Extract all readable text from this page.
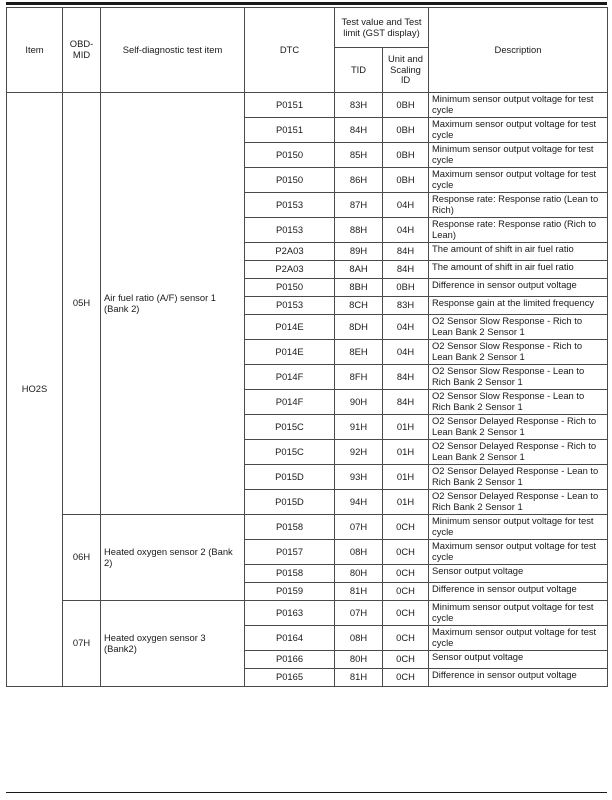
Item	OBD-MID	Self-diagnostic test item	DTC	Test value and Test limit (GST display)		Description
				TID	Unit and Scaling ID	
HO2S	05H	Air fuel ratio (A/F) sensor 1 (Bank 2)	P0151	83H	0BH	Minimum sensor output voltage for test cycle
			P0151	84H	0BH	Maximum sensor output voltage for test cycle
			P0150	85H	0BH	Minimum sensor output voltage for test cycle
			P0150	86H	0BH	Maximum sensor output voltage for test cycle
			P0153	87H	04H	Response rate: Response ratio (Lean to Rich)
			P0153	88H	04H	Response rate: Response ratio (Rich to Lean)
			P2A03	89H	84H	The amount of shift in air fuel ratio
			P2A03	8AH	84H	The amount of shift in air fuel ratio
			P0150	8BH	0BH	Difference in sensor output voltage
			P0153	8CH	83H	Response gain at the limited frequency
			P014E	8DH	04H	O2 Sensor Slow Response - Rich to Lean Bank 2 Sensor 1
			P014E	8EH	04H	O2 Sensor Slow Response - Rich to Lean Bank 2 Sensor 1
			P014F	8FH	84H	O2 Sensor Slow Response - Lean to Rich Bank 2 Sensor 1
			P014F	90H	84H	O2 Sensor Slow Response - Lean to Rich Bank 2 Sensor 1
			P015C	91H	01H	O2 Sensor Delayed Response - Rich to Lean Bank 2 Sensor 1
			P015C	92H	01H	O2 Sensor Delayed Response - Rich to Lean Bank 2 Sensor 1
			P015D	93H	01H	O2 Sensor Delayed Response - Lean to Rich Bank 2 Sensor 1
			P015D	94H	01H	O2 Sensor Delayed Response - Lean to Rich Bank 2 Sensor 1
	06H	Heated oxygen sensor 2 (Bank 2)	P0158	07H	0CH	Minimum sensor output voltage for test cycle
			P0157	08H	0CH	Maximum sensor output voltage for test cycle
			P0158	80H	0CH	Sensor output voltage
			P0159	81H	0CH	Difference in sensor output voltage
	07H	Heated oxygen sensor 3 (Bank2)	P0163	07H	0CH	Minimum sensor output voltage for test cycle
			P0164	08H	0CH	Maximum sensor output voltage for test cycle
			P0166	80H	0CH	Sensor output voltage
			P0165	81H	0CH	Difference in sensor output voltage
